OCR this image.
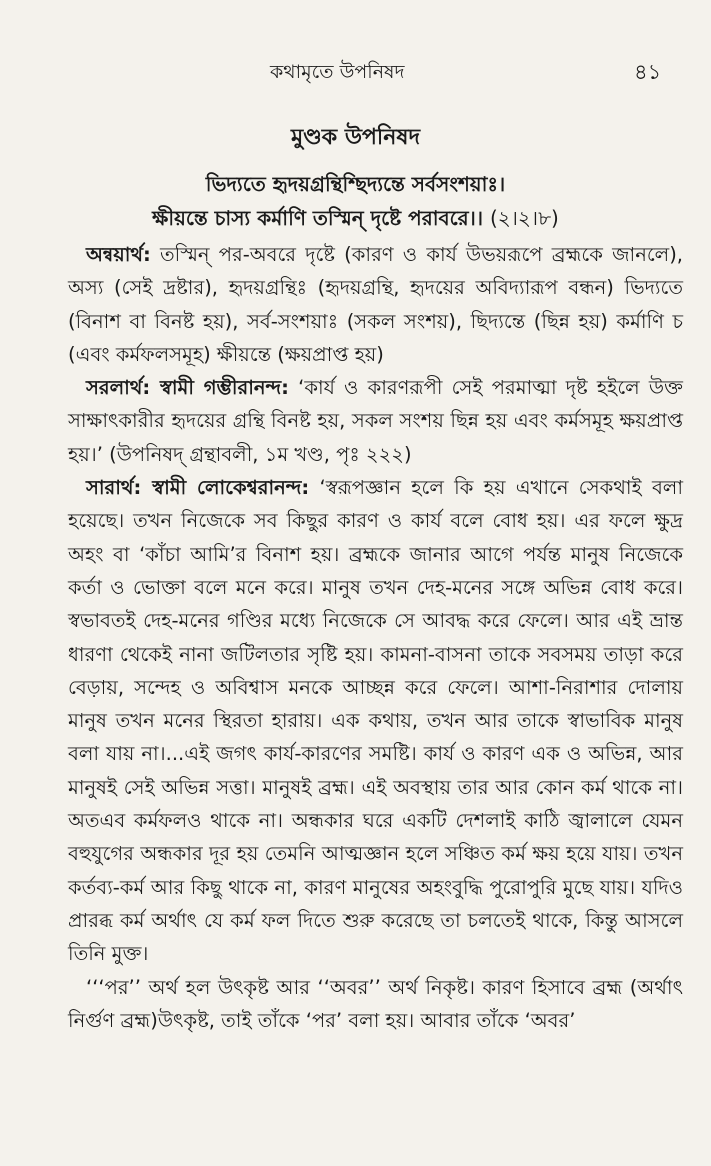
কথামৃতে উপনিষদ	৪১
মুণ্ডক উপনিষদ
ভিদ্যতে হৃদয়গ্রন্থিশ্ছিদ্যন্তে সর্বসংশয়াঃ।
ক্ষীয়ন্তে চাস্য কর্মাণি তস্মিন্ দৃষ্টে পরাবরে।। (২।২।৮)

অন্বয়ার্থ: তস্মিন্ পর-অবরে দৃষ্টে (কারণ ও কার্য উভয়রূপে ব্রহ্মকে জানলে), অস্য (সেই দ্রষ্টার), হৃদয়গ্রন্থিঃ (হৃদয়গ্রন্থি, হৃদয়ের অবিদ্যারূপ বন্ধন) ভিদ্যতে (বিনাশ বা বিনষ্ট হয়), সর্ব-সংশয়াঃ (সকল সংশয়), ছিদ্যন্তে (ছিন্ন হয়) কর্মাণি চ (এবং কর্মফলসমূহ) ক্ষীয়ন্তে (ক্ষয়প্রাপ্ত হয়)

সরলার্থ: স্বামী গম্ভীরানন্দ: ‘কার্য ও কারণরূপী সেই পরমাত্মা দৃষ্ট হইলে উক্ত সাক্ষাৎকারীর হৃদয়ের গ্রন্থি বিনষ্ট হয়, সকল সংশয় ছিন্ন হয় এবং কর্মসমূহ ক্ষয়প্রাপ্ত হয়।’ (উপনিষদ্ গ্রন্থাবলী, ১ম খণ্ড, পৃঃ ২২২)

সারার্থ: স্বামী লোকেশ্বরানন্দ: ‘স্বরূপজ্ঞান হলে কি হয় এখানে সেকথাই বলা হয়েছে। তখন নিজেকে সব কিছুর কারণ ও কার্য বলে বোধ হয়। এর ফলে ক্ষুদ্র অহং বা ‘কাঁচা আমি’র বিনাশ হয়। ব্রহ্মকে জানার আগে পর্যন্ত মানুষ নিজেকে কর্তা ও ভোক্তা বলে মনে করে। মানুষ তখন দেহ-মনের সঙ্গে অভিন্ন বোধ করে। স্বভাবতই দেহ-মনের গণ্ডির মধ্যে নিজেকে সে আবদ্ধ করে ফেলে। আর এই ভ্রান্ত ধারণা থেকেই নানা জটিলতার সৃষ্টি হয়। কামনা-বাসনা তাকে সবসময় তাড়া করে বেড়ায়, সন্দেহ ও অবিশ্বাস মনকে আচ্ছন্ন করে ফেলে। আশা-নিরাশার দোলায় মানুষ তখন মনের স্থিরতা হারায়। এক কথায়, তখন আর তাকে স্বাভাবিক মানুষ বলা যায় না।...এই জগৎ কার্য-কারণের সমষ্টি। কার্য ও কারণ এক ও অভিন্ন, আর মানুষই সেই অভিন্ন সত্তা। মানুষই ব্রহ্ম। এই অবস্থায় তার আর কোন কর্ম থাকে না। অতএব কর্মফলও থাকে না। অন্ধকার ঘরে একটি দেশলাই কাঠি জ্বালালে যেমন বহুযুগের অন্ধকার দূর হয় তেমনি আত্মজ্ঞান হলে সঞ্চিত কর্ম ক্ষয় হয়ে যায়। তখন কর্তব্য-কর্ম আর কিছু থাকে না, কারণ মানুষের অহংবুদ্ধি পুরোপুরি মুছে যায়। যদিও প্রারব্ধ কর্ম অর্থাৎ যে কর্ম ফল দিতে শুরু করেছে তা চলতেই থাকে, কিন্তু আসলে তিনি মুক্ত।

‘‘‘পর’’ অর্থ হল উৎকৃষ্ট আর ‘‘অবর’’ অর্থ নিকৃষ্ট। কারণ হিসাবে ব্রহ্ম (অর্থাৎ নির্গুণ ব্রহ্ম)উৎকৃষ্ট, তাই তাঁকে ‘পর’ বলা হয়। আবার তাঁকে ‘অবর’
